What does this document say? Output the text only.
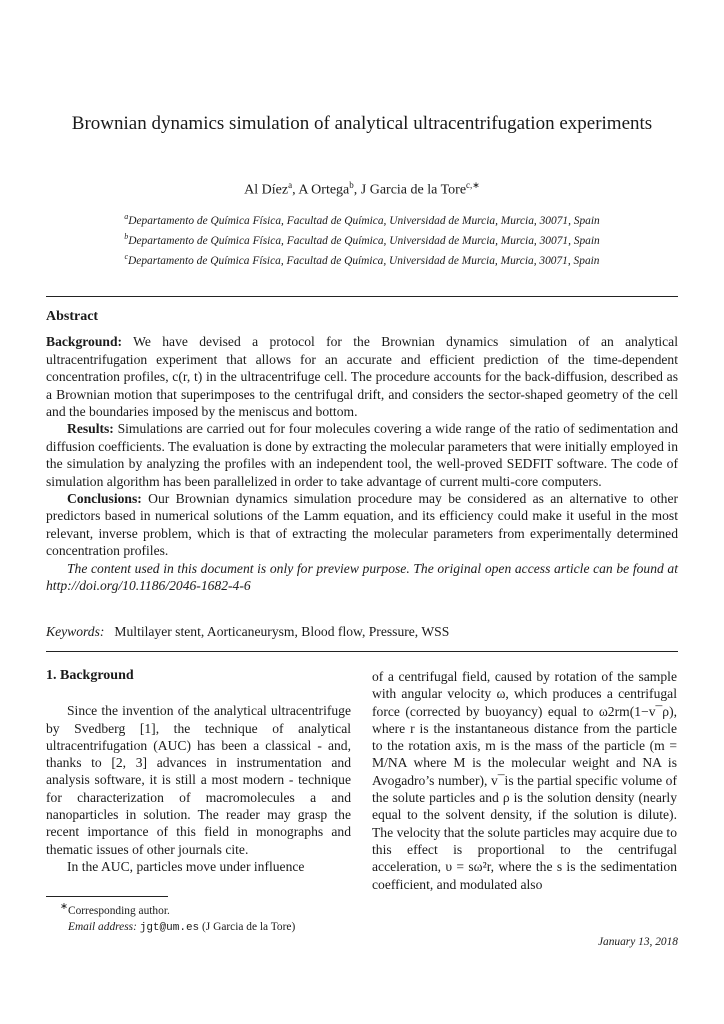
Brownian dynamics simulation of analytical ultracentrifugation experiments
Al Díez$^a$, A Ortega$^b$, J Garcia de la Tore$^{c,∗}$
$^a$Departamento de Química Física, Facultad de Química, Universidad de Murcia, Murcia, 30071, Spain
$^b$Departamento de Química Física, Facultad de Química, Universidad de Murcia, Murcia, 30071, Spain
$^c$Departamento de Química Física, Facultad de Química, Universidad de Murcia, Murcia, 30071, Spain
Abstract

Background: We have devised a protocol for the Brownian dynamics simulation of an analytical ultracentrifugation experiment that allows for an accurate and efficient prediction of the time-dependent concentration profiles, c(r, t) in the ultracentrifuge cell. The procedure accounts for the back-diffusion, described as a Brownian motion that superimposes to the centrifugal drift, and considers the sector-shaped geometry of the cell and the boundaries imposed by the meniscus and bottom.

Results: Simulations are carried out for four molecules covering a wide range of the ratio of sedimentation and diffusion coefficients. The evaluation is done by extracting the molecular parameters that were initially employed in the simulation by analyzing the profiles with an independent tool, the well-proved SEDFIT software. The code of simulation algorithm has been parallelized in order to take advantage of current multi-core computers.

Conclusions: Our Brownian dynamics simulation procedure may be considered as an alternative to other predictors based in numerical solutions of the Lamm equation, and its efficiency could make it useful in the most relevant, inverse problem, which is that of extracting the molecular parameters from experimentally determined concentration profiles.

The content used in this document is only for preview purpose. The original open access article can be found at http://doi.org/10.1186/2046-1682-4-6

Keywords: Multilayer stent, Aorticaneurysm, Blood flow, Pressure, WSS
1. Background

Since the invention of the analytical ultracentrifuge by Svedberg [1], the technique of analytical ultracentrifugation (AUC) has been a classical - and, thanks to [2, 3] advances in instrumentation and analysis software, it is still a most modern - technique for characterization of macromolecules a and nanoparticles in solution. The reader may grasp the recent importance of this field in monographs and thematic issues of other journals cite.

In the AUC, particles move under influence

of a centrifugal field, caused by rotation of the sample with angular velocity ω, which produces a centrifugal force (corrected by buoyancy) equal to ω2rm(1−v¯ρ), where r is the instantaneous distance from the particle to the rotation axis, m is the mass of the particle (m = M/NA where M is the molecular weight and NA is Avogadro’s number), v¯is the partial specific volume of the solute particles and ρ is the solution density (nearly equal to the solvent density, if the solution is dilute). The velocity that the solute particles may acquire due to this effect is proportional to the centrifugal acceleration, υ = sω²r, where the s is the sedimentation coefficient, and modulated also

∗Corresponding author.
Email address: jgt@um.es (J Garcia de la Tore)
January 13, 2018
